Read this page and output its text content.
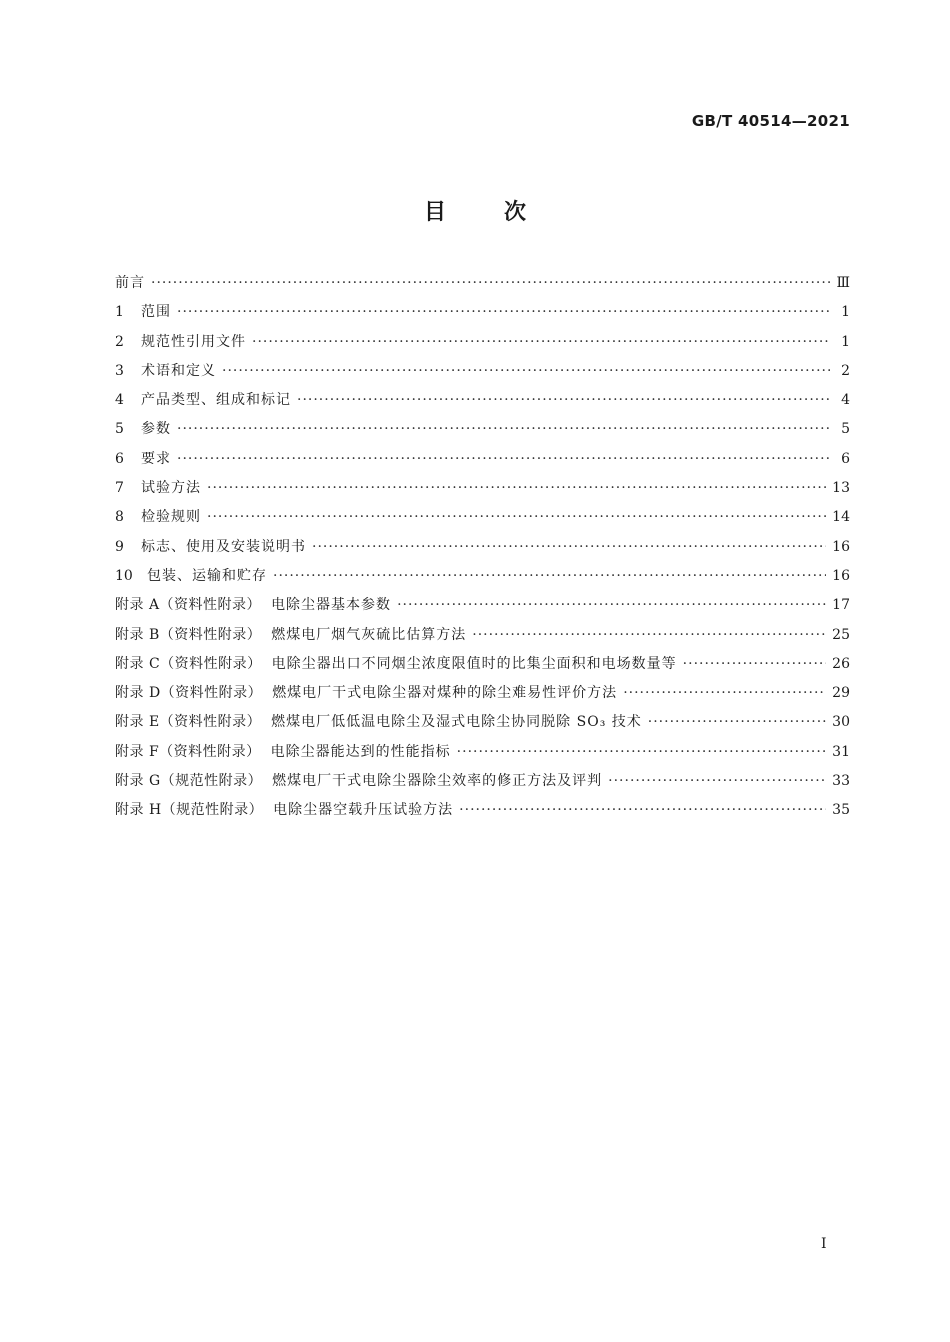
GB/T 40514—2021
目次
前言 ·····	Ⅲ
1	范围 ·····	1
2	规范性引用文件 ·····	1
3	术语和定义 ·····	2
4	产品类型、组成和标记 ·····	4
5	参数 ·····	5
6	要求 ·····	6
7	试验方法 ·····	13
8	检验规则 ·····	14
9	标志、使用及安装说明书 ·····	16
10	包装、运输和贮存 ·····	16
附录 A（资料性附录） 电除尘器基本参数 ·····	17
附录 B（资料性附录） 燃煤电厂烟气灰硫比估算方法 ·····	25
附录 C（资料性附录） 电除尘器出口不同烟尘浓度限值时的比集尘面积和电场数量等 ·····	26
附录 D（资料性附录） 燃煤电厂干式电除尘器对煤种的除尘难易性评价方法 ·····	29
附录 E（资料性附录） 燃煤电厂低低温电除尘及湿式电除尘协同脱除 SO₃ 技术 ·····	30
附录 F（资料性附录） 电除尘器能达到的性能指标 ·····	31
附录 G（规范性附录） 燃煤电厂干式电除尘器除尘效率的修正方法及评判 ·····	33
附录 H（规范性附录） 电除尘器空载升压试验方法 ·····	35
I
